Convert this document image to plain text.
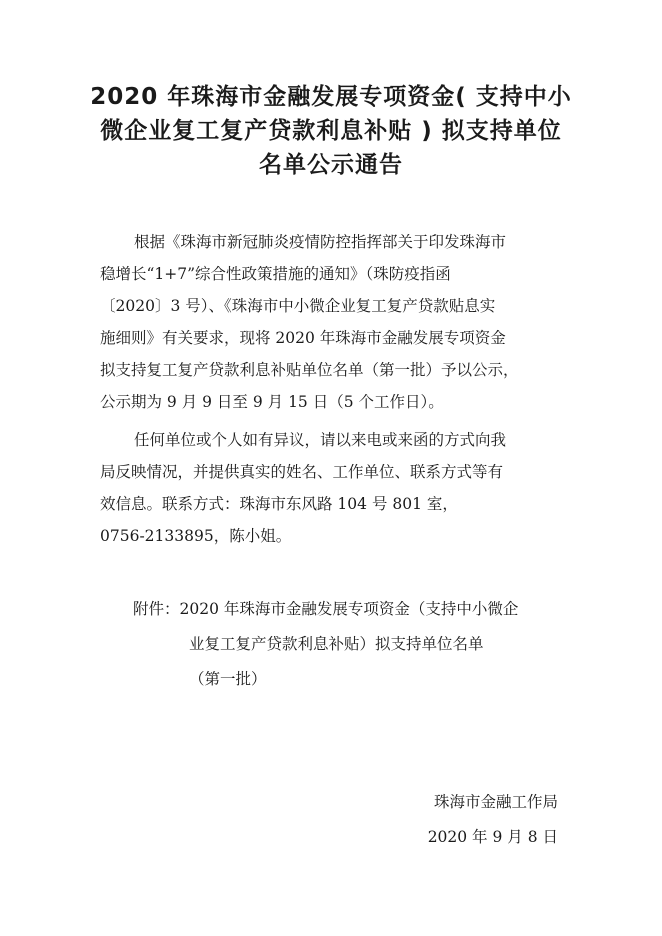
2020 年珠海市金融发展专项资金( 支持中小
微企业复工复产贷款利息补贴 ) 拟支持单位
名单公示通告

根据《珠海市新冠肺炎疫情防控指挥部关于印发珠海市
稳增长“1+7”综合性政策措施的通知》（珠防疫指函
〔2020〕3 号）、《珠海市中小微企业复工复产贷款贴息实
施细则》有关要求，现将 2020 年珠海市金融发展专项资金
拟支持复工复产贷款利息补贴单位名单（第一批）予以公示，
公示期为 9 月 9 日至 9 月 15 日（5 个工作日）。

任何单位或个人如有异议，请以来电或来函的方式向我
局反映情况，并提供真实的姓名、工作单位、联系方式等有
效信息。联系方式：珠海市东风路 104 号 801 室，
0756-2133895，陈小姐。

附件：2020 年珠海市金融发展专项资金（支持中小微企
业复工复产贷款利息补贴）拟支持单位名单
（第一批）

珠海市金融工作局
2020 年 9 月 8 日
